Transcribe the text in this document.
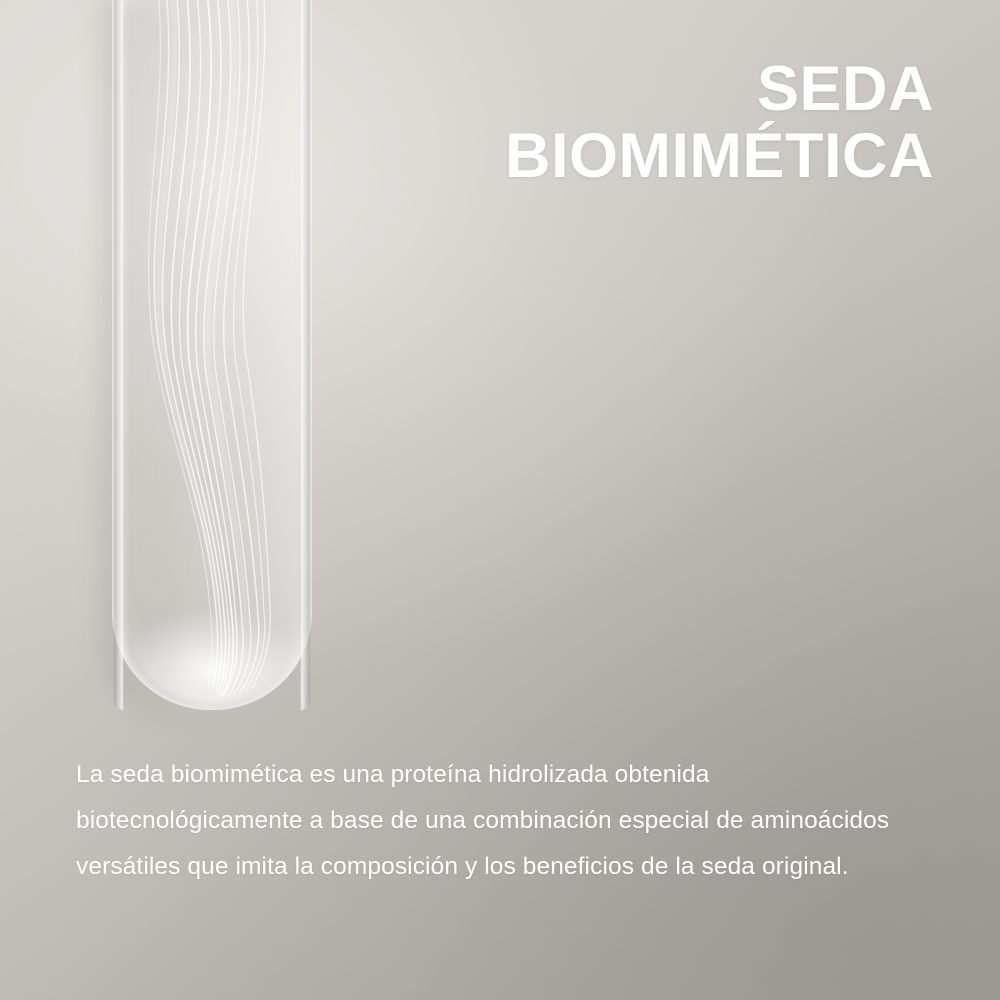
SEDA
BIOMIMÉTICA

La seda biomimética es una proteína hidrolizada obtenida biotecnológicamente a base de una combinación especial de aminoácidos versátiles que imita la composición y los beneficios de la seda original.
